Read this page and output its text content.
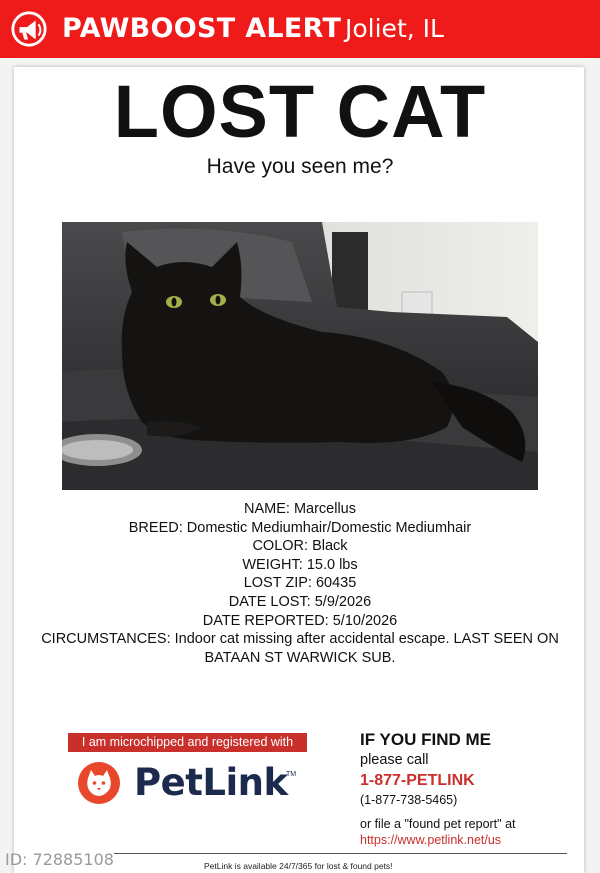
PAWBOOST ALERT Joliet, IL
LOST CAT
Have you seen me?
NAME: Marcellus
BREED: Domestic Mediumhair/Domestic Mediumhair
COLOR: Black
WEIGHT: 15.0 lbs
LOST ZIP: 60435
DATE LOST: 5/9/2026
DATE REPORTED: 5/10/2026
CIRCUMSTANCES: Indoor cat missing after accidental escape. LAST SEEN ON BATAAN ST WARWICK SUB.
I am microchipped and registered with
PetLink
TM
IF YOU FIND ME
please call
1-877-PETLINK
(1-877-738-5465)
or file a "found pet report" at
https://www.petlink.net/us
PetLink is available 24/7/365 for lost & found pets!
ID: 72885108
